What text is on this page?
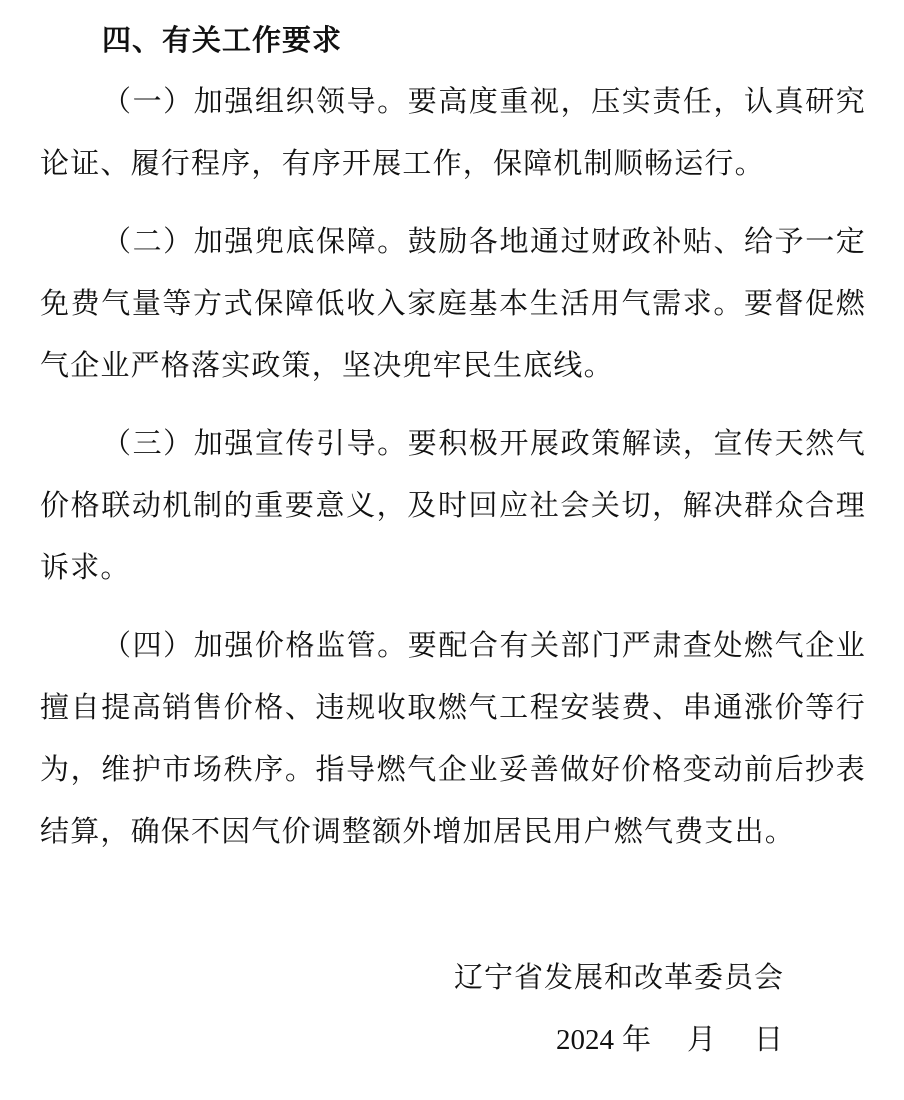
四、有关工作要求

（一）加强组织领导。要高度重视，压实责任，认真研究论证、履行程序，有序开展工作，保障机制顺畅运行。

（二）加强兜底保障。鼓励各地通过财政补贴、给予一定免费气量等方式保障低收入家庭基本生活用气需求。要督促燃气企业严格落实政策，坚决兜牢民生底线。

（三）加强宣传引导。要积极开展政策解读，宣传天然气价格联动机制的重要意义，及时回应社会关切，解决群众合理诉求。

（四）加强价格监管。要配合有关部门严肃查处燃气企业擅自提高销售价格、违规收取燃气工程安装费、串通涨价等行为，维护市场秩序。指导燃气企业妥善做好价格变动前后抄表结算，确保不因气价调整额外增加居民用户燃气费支出。

辽宁省发展和改革委员会
2024 年 月 日
